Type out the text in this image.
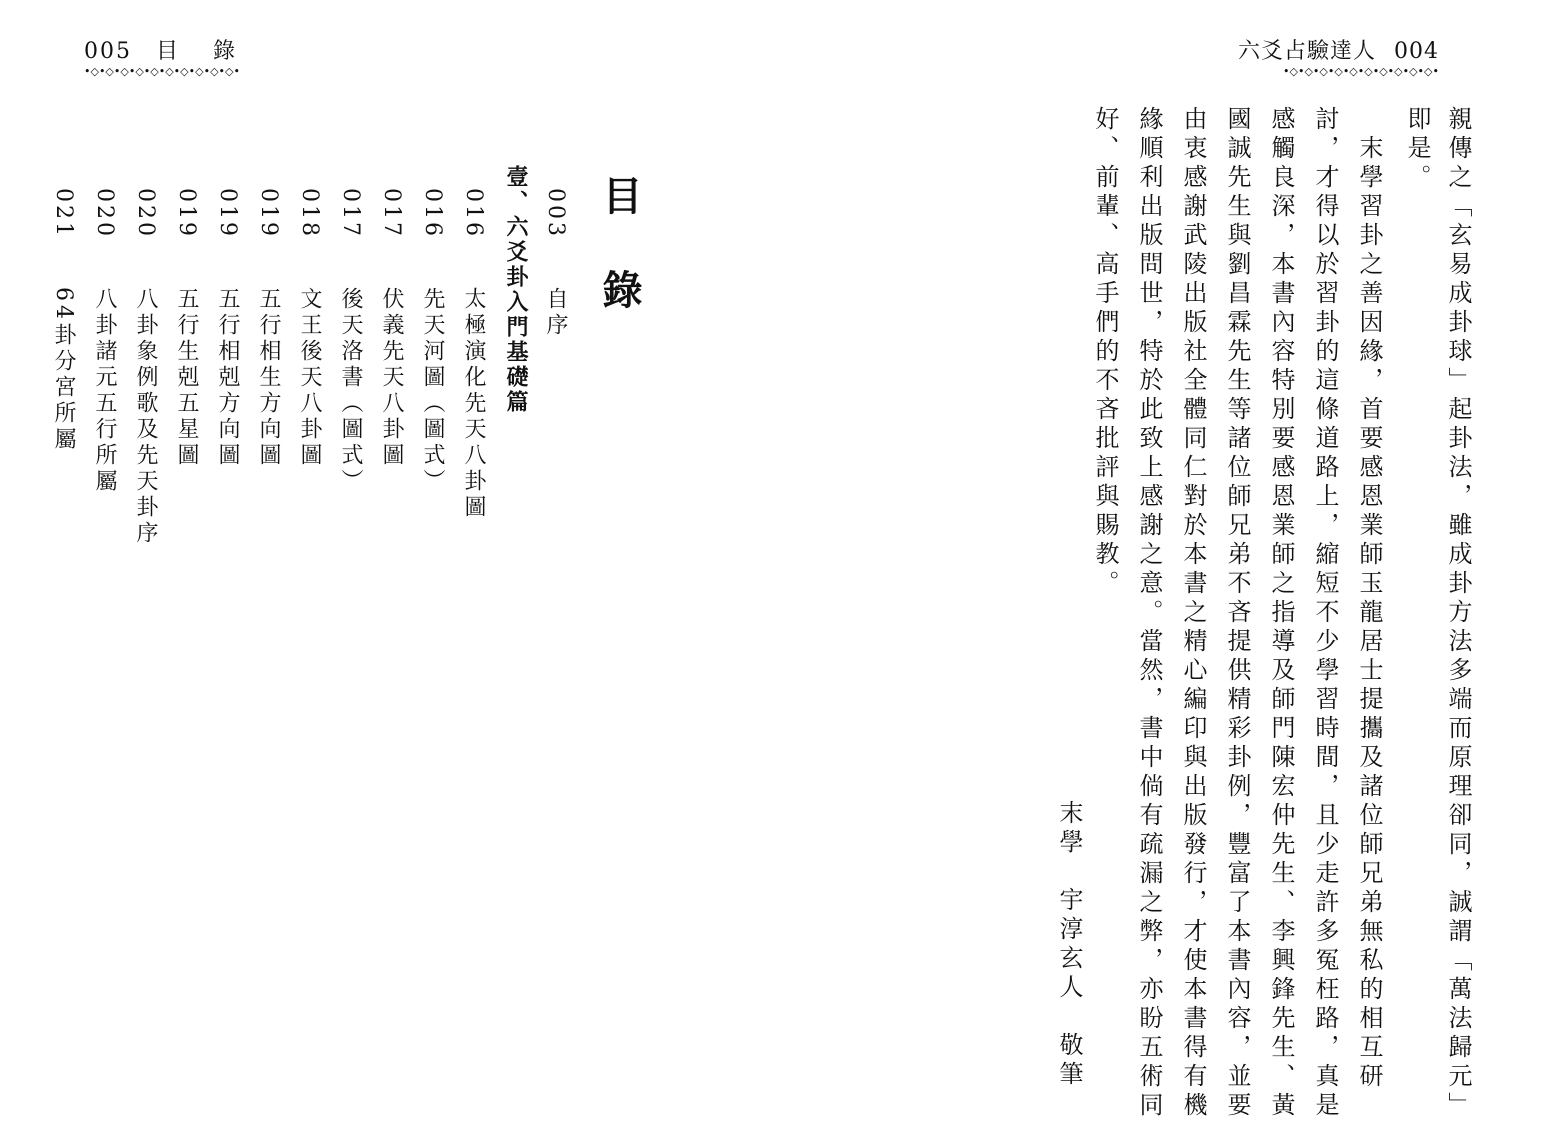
005 目 錄
•◇•◇•◇•◇•◇•◇•◇•◇•◇•◇•
六爻占驗達人 004
•◇•◇•◇•◇•◇•◇•◇•◇•◇•◇•
目錄
003自序
壹、六爻卦入門基礎篇
016太極演化先天八卦圖
016先天河圖（圖式）
017伏義先天八卦圖
017後天洛書（圖式）
018文王後天八卦圖
019五行相生方向圖
019五行相剋方向圖
019五行生剋五星圖
020八卦象例歌及先天卦序
020八卦諸元五行所屬
02164卦分宮所屬	親傳之「玄易成卦球」起卦法，雖成卦方法多端而原理卻同，誠謂「萬法歸元」
即是。
　末學習卦之善因緣，首要感恩業師玉龍居士提攜及諸位師兄弟無私的相互研
討，才得以於習卦的這條道路上，縮短不少學習時間，且少走許多冤枉路，真是
感觸良深，本書內容特別要感恩業師之指導及師門陳宏仲先生、李興鋒先生、黃
國誠先生與劉昌霖先生等諸位師兄弟不吝提供精彩卦例，豐富了本書內容，並要
由衷感謝武陵出版社全體同仁對於本書之精心編印與出版發行，才使本書得有機
緣順利出版問世，特於此致上感謝之意。當然，書中倘有疏漏之弊，亦盼五術同
好、前輩、高手們的不吝批評與賜教。
末學　宇淳玄人　敬筆
